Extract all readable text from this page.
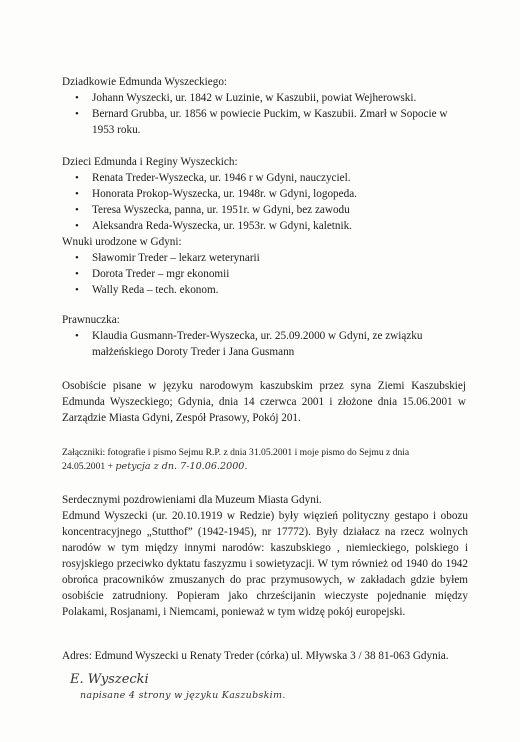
Dziadkowie Edmunda Wyszeckiego:

• Johann Wyszecki, ur. 1842 w Luzinie, w Kaszubii, powiat Wejherowski.
• Bernard Grubba, ur. 1856 w powiecie Puckim, w Kaszubii. Zmarł w Sopocie w 1953 roku.

Dzieci Edmunda i Reginy Wyszeckich:

• Renata Treder-Wyszecka, ur. 1946 r w Gdyni, nauczyciel.
• Honorata Prokop-Wyszecka, ur. 1948r. w Gdyni, logopeda.
• Teresa Wyszecka, panna, ur. 1951r. w Gdyni, bez zawodu
• Aleksandra Reda-Wyszecka, ur. 1953r. w Gdyni, kaletnik.

Wnuki urodzone w Gdyni:

• Sławomir Treder – lekarz weterynarii
• Dorota Treder – mgr ekonomii
• Wally Reda – tech. ekonom.

Prawnuczka:

• Klaudia Gusmann-Treder-Wyszecka, ur. 25.09.2000 w Gdyni, ze związku małżeńskiego Doroty Treder i Jana Gusmann
Osobiście pisane w języku narodowym kaszubskim przez syna Ziemi Kaszubskiej Edmunda Wyszeckiego; Gdynia, dnia 14 czerwca 2001 i złożone dnia 15.06.2001 w Zarządzie Miasta Gdyni, Zespół Prasowy, Pokój 201.
Załączniki: fotografie i pismo Sejmu R.P. z dnia 31.05.2001 i moje pismo do Sejmu z dnia 24.05.2001 + petycja z dn. 7-10.06.2000.
Serdecznymi pozdrowieniami dla Muzeum Miasta Gdyni.
Edmund Wyszecki (ur. 20.10.1919 w Redzie) były więzień polityczny gestapo i obozu koncentracyjnego „Stutthof” (1942-1945), nr 17772). Były działacz na rzecz wolnych narodów w tym między innymi narodów: kaszubskiego , niemieckiego, polskiego i rosyjskiego przeciwko dyktatu faszyzmu i sowietyzacji. W tym również od 1940 do 1942 obrońca pracowników zmuszanych do prac przymusowych, w zakładach gdzie byłem osobiście zatrudniony. Popieram jako chrześcijanin wieczyste pojednanie między Polakami, Rosjanami, i Niemcami, ponieważ w tym widzę pokój europejski.
Adres: Edmund Wyszecki u Renaty Treder (córka) ul. Mływska 3 / 38 81-063 Gdynia.
E. Wyszecki
napisane 4 strony w języku Kaszubskim.
